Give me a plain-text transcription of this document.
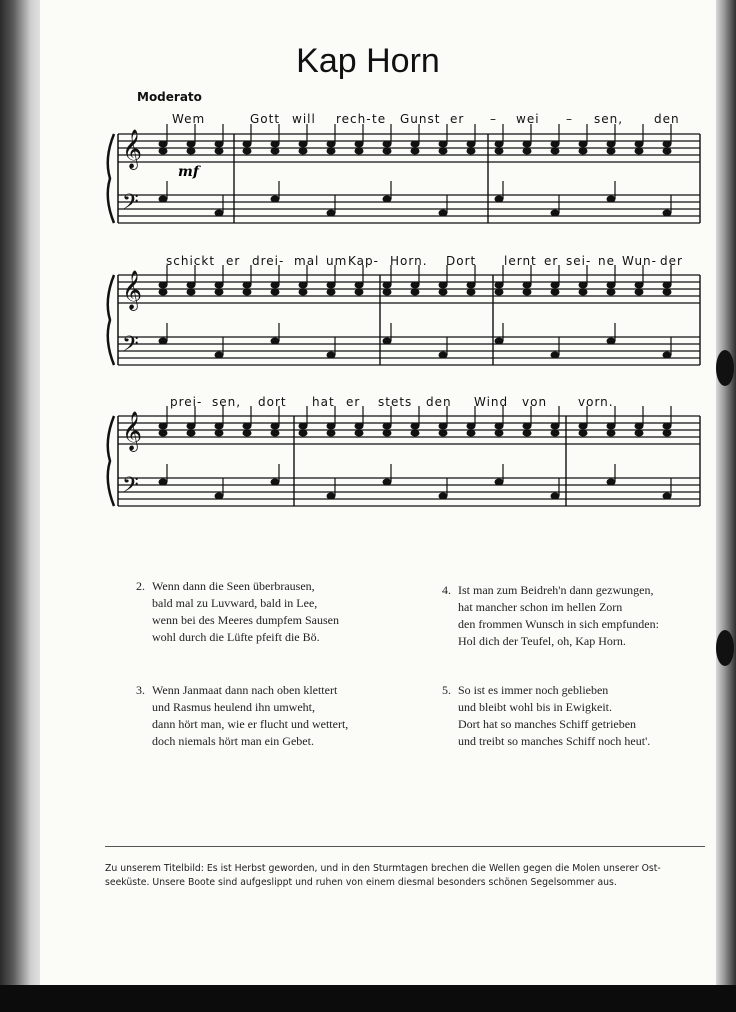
Kap Horn
Moderato
mf
Wem	Gott will rech- te Gunst er – wei – sen,	den
schickt er drei- mal um Kap- Horn. Dort lernt er sei- ne Wun- der
prei- sen, dort hat er stets den Wind von	vorn.
𝄞
𝄢
𝄞
𝄢
𝄞
𝄢
2. Wenn dann die Seen überbrausen,

bald mal zu Luvward, bald in Lee,

wenn bei des Meeres dumpfem Sausen

wohl durch die Lüfte pfeift die Bö.

3. Wenn Janmaat dann nach oben klettert

und Rasmus heulend ihn umweht,

dann hört man, wie er flucht und wettert,

doch niemals hört man ein Gebet.

4. Ist man zum Beidreh'n dann gezwungen,

hat mancher schon im hellen Zorn

den frommen Wunsch in sich empfunden:

Hol dich der Teufel, oh, Kap Horn.

5. So ist es immer noch geblieben

und bleibt wohl bis in Ewigkeit.

Dort hat so manches Schiff getrieben

und treibt so manches Schiff noch heut'.

Zu unserem Titelbild: Es ist Herbst geworden, und in den Sturmtagen brechen die Wellen gegen die Molen unserer Ost-
seeküste. Unsere Boote sind aufgeslippt und ruhen von einem diesmal besonders schönen Segelsommer aus.
